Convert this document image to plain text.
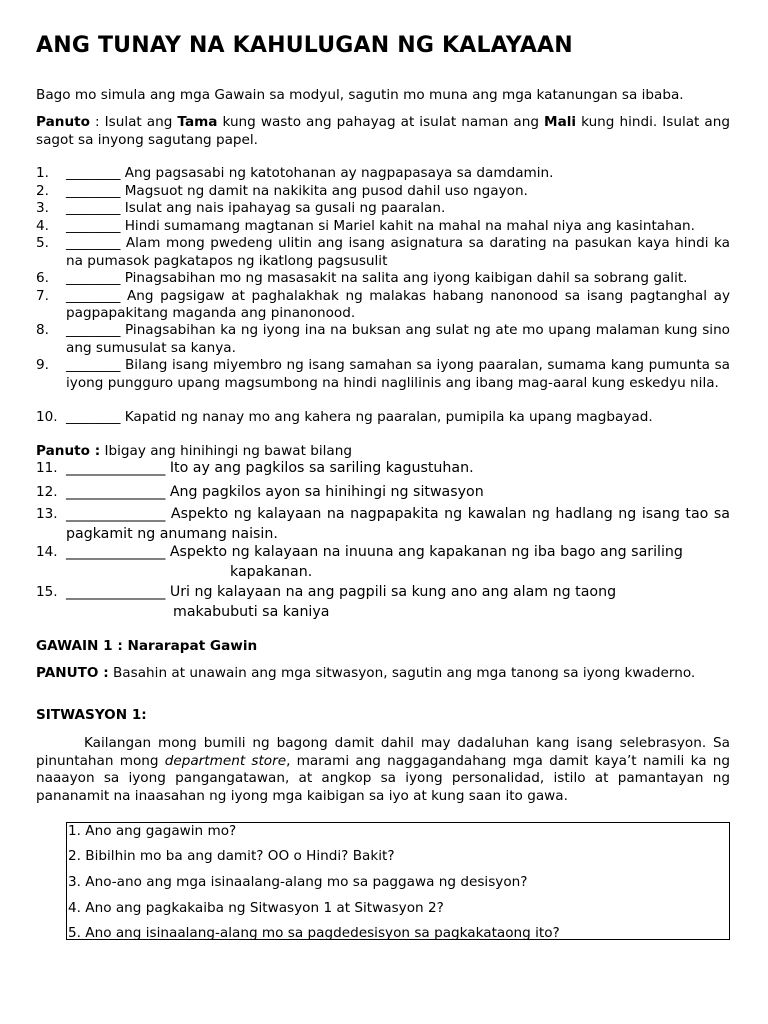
ANG TUNAY NA KAHULUGAN NG KALAYAAN
Bago mo simula ang mga Gawain sa modyul, sagutin mo muna ang mga katanungan sa ibaba.
Panuto : Isulat ang Tama kung wasto ang pahayag at isulat naman ang Mali kung hindi. Isulat ang sagot sa inyong sagutang papel.
1. ________ Ang pagsasabi ng katotohanan ay nagpapasaya sa damdamin.
2. ________ Magsuot ng damit na nakikita ang pusod dahil uso ngayon.
3. ________ Isulat ang nais ipahayag sa gusali ng paaralan.
4. ________ Hindi sumamang magtanan si Mariel kahit na mahal na mahal niya ang kasintahan.
5. ________ Alam mong pwedeng ulitin ang isang asignatura sa darating na pasukan kaya hindi ka na pumasok pagkatapos ng ikatlong pagsusulit
6. ________ Pinagsabihan mo ng masasakit na salita ang iyong kaibigan dahil sa sobrang galit.
7. ________ Ang pagsigaw at paghalakhak ng malakas habang nanonood sa isang pagtanghal ay pagpapakitang maganda ang pinanonood.
8. ________ Pinagsabihan ka ng iyong ina na buksan ang sulat ng ate mo upang malaman kung sino ang sumusulat sa kanya.
9. ________ Bilang isang miyembro ng isang samahan sa iyong paaralan, sumama kang pumunta sa iyong pungguro upang magsumbong na hindi naglilinis ang ibang mag-aaral kung eskedyu nila.
10. ________ Kapatid ng nanay mo ang kahera ng paaralan, pumipila ka upang magbayad.
Panuto : Ibigay ang hinihingi ng bawat bilang
11. ______________ Ito ay ang pagkilos sa sariling kagustuhan.
12. ______________ Ang pagkilos ayon sa hinihingi ng sitwasyon
13. ______________ Aspekto ng kalayaan na nagpapakita ng kawalan ng hadlang ng isang tao sa pagkamit ng anumang naisin.
14. ______________ Aspekto ng kalayaan na inuuna ang kapakanan ng iba bago ang sariling
kapakanan.
15. ______________ Uri ng kalayaan na ang pagpili sa kung ano ang alam ng taong
makabubuti sa kaniya
GAWAIN 1 : Nararapat Gawin
PANUTO : Basahin at unawain ang mga sitwasyon, sagutin ang mga tanong sa iyong kwaderno.
SITWASYON 1:
Kailangan mong bumili ng bagong damit dahil may dadaluhan kang isang selebrasyon. Sa pinuntahan mong department store, marami ang naggagandahang mga damit kaya’t namili ka ng naaayon sa iyong pangangatawan, at angkop sa iyong personalidad, istilo at pamantayan ng pananamit na inaasahan ng iyong mga kaibigan sa iyo at kung saan ito gawa.
1. Ano ang gagawin mo?
2. Bibilhin mo ba ang damit? OO o Hindi? Bakit?
3. Ano-ano ang mga isinaalang-alang mo sa paggawa ng desisyon?
4. Ano ang pagkakaiba ng Sitwasyon 1 at Sitwasyon 2?
5. Ano ang isinaalang-alang mo sa pagdedesisyon sa pagkakataong ito?
